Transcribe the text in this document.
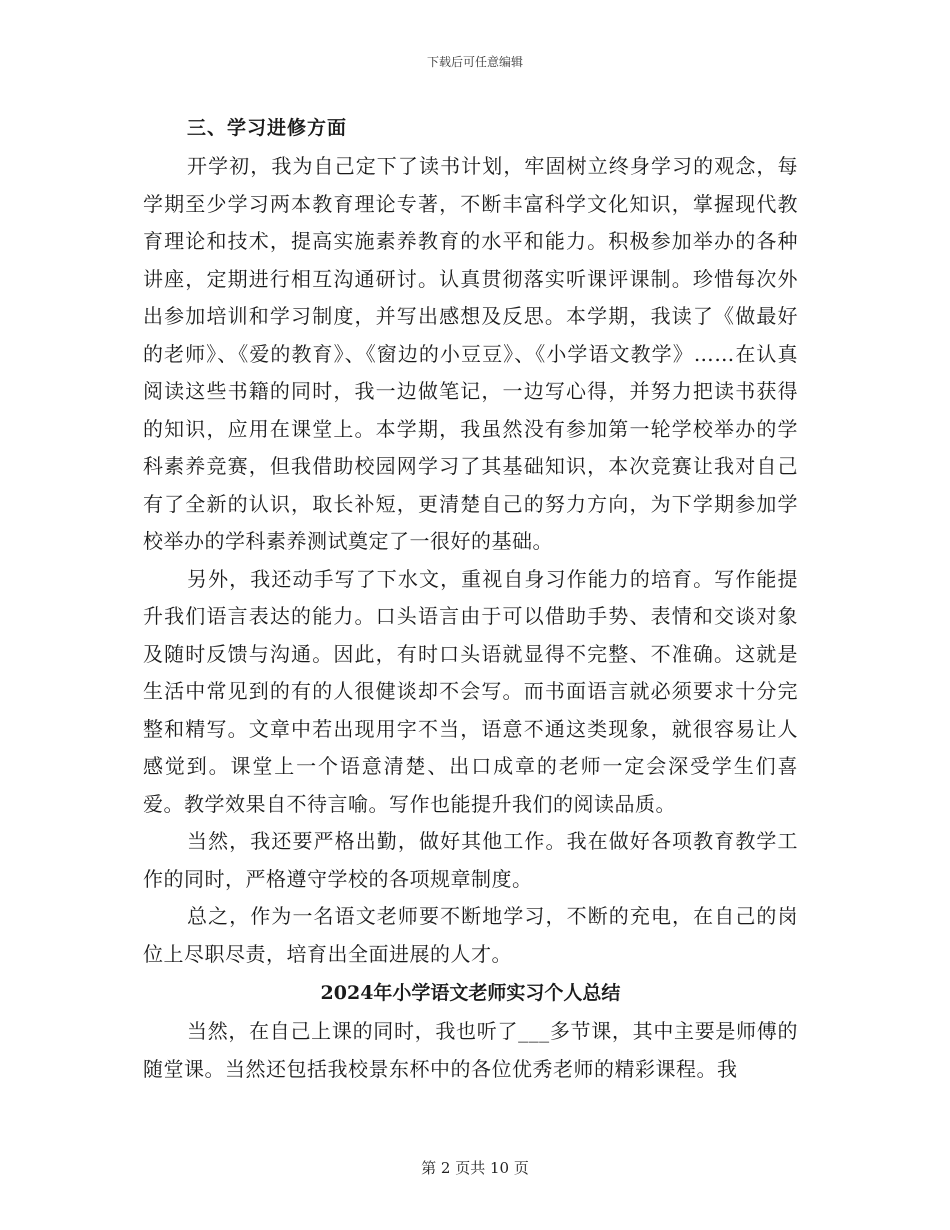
下载后可任意编辑
三、学习进修方面

开学初，我为自己定下了读书计划，牢固树立终身学习的观念，每学期至少学习两本教育理论专著，不断丰富科学文化知识，掌握现代教育理论和技术，提高实施素养教育的水平和能力。积极参加举办的各种讲座，定期进行相互沟通研讨。认真贯彻落实听课评课制。珍惜每次外出参加培训和学习制度，并写出感想及反思。本学期，我读了《做最好的老师》、《爱的教育》、《窗边的小豆豆》、《小学语文教学》……在认真阅读这些书籍的同时，我一边做笔记，一边写心得，并努力把读书获得的知识，应用在课堂上。本学期，我虽然没有参加第一轮学校举办的学科素养竞赛，但我借助校园网学习了其基础知识，本次竞赛让我对自己有了全新的认识，取长补短，更清楚自己的努力方向，为下学期参加学校举办的学科素养测试奠定了一很好的基础。

另外，我还动手写了下水文，重视自身习作能力的培育。写作能提升我们语言表达的能力。口头语言由于可以借助手势、表情和交谈对象及随时反馈与沟通。因此，有时口头语就显得不完整、不准确。这就是生活中常见到的有的人很健谈却不会写。而书面语言就必须要求十分完整和精写。文章中若出现用字不当，语意不通这类现象，就很容易让人感觉到。课堂上一个语意清楚、出口成章的老师一定会深受学生们喜爱。教学效果自不待言喻。写作也能提升我们的阅读品质。

当然，我还要严格出勤，做好其他工作。我在做好各项教育教学工作的同时，严格遵守学校的各项规章制度。

总之，作为一名语文老师要不断地学习，不断的充电，在自己的岗位上尽职尽责，培育出全面进展的人才。

2024年小学语文老师实习个人总结

当然，在自己上课的同时，我也听了___多节课，其中主要是师傅的随堂课。当然还包括我校景东杯中的各位优秀老师的精彩课程。我

第 2 页共 10 页
